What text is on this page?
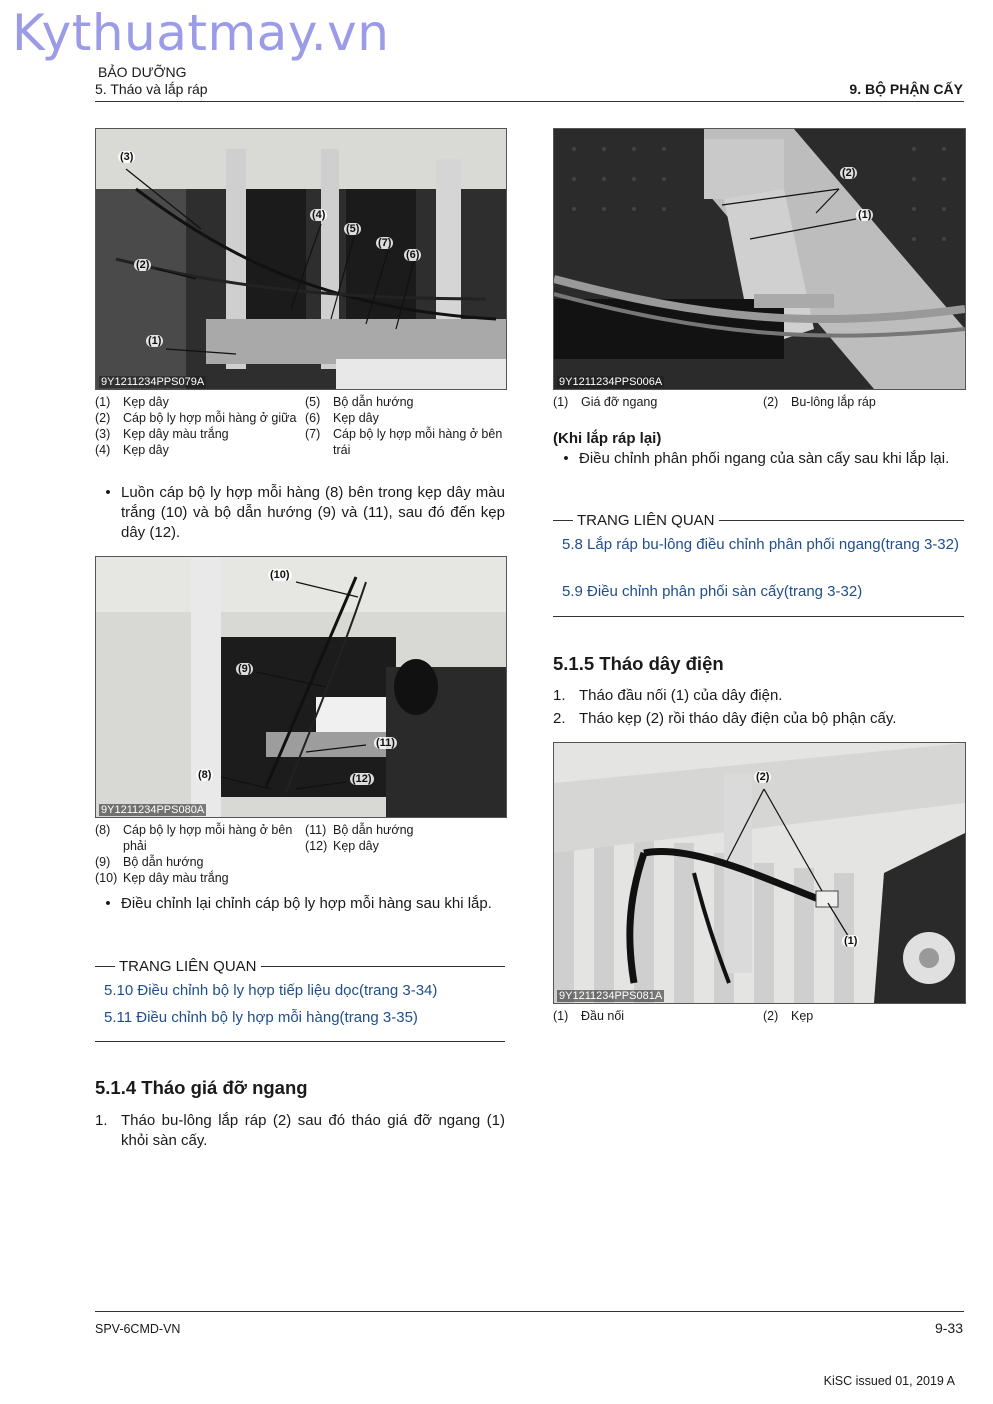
Kythuatmay.vn
BẢO DƯỠNG
5. Tháo và lắp ráp	9. BỘ PHẬN CẤY
(3)
(2)
(1)
(4)
(5)
(7)
(6)
9Y1211234PPS079A
(1)	Kẹp dây
(2)	Cáp bộ ly hợp mỗi hàng ở giữa
(3)	Kẹp dây màu trắng
(4)	Kẹp dây
(5)	Bộ dẫn hướng
(6)	Kẹp dây
(7)	Cáp bộ ly hợp mỗi hàng ở bên trái
• Luồn cáp bộ ly hợp mỗi hàng (8) bên trong kẹp dây màu trắng (10) và bộ dẫn hướng (9) và (11), sau đó đến kẹp dây (12).
(10)
(9)
(11)
(12)
(8)
9Y1211234PPS080A
(8)	Cáp bộ ly hợp mỗi hàng ở bên phải
(9)	Bộ dẫn hướng
(10) Kẹp dây màu trắng
(11) Bộ dẫn hướng
(12) Kẹp dây
• Điều chỉnh lại chỉnh cáp bộ ly hợp mỗi hàng sau khi lắp.
TRANG LIÊN QUAN
5.10 Điều chỉnh bộ ly hợp tiếp liệu dọc(trang 3-34)
5.11 Điều chỉnh bộ ly hợp mỗi hàng(trang 3-35)
5.1.4 Tháo giá đỡ ngang
1. Tháo bu-lông lắp ráp (2) sau đó tháo giá đỡ ngang (1) khỏi sàn cấy.
(2)
(1)
9Y1211234PPS006A
(1)	Giá đỡ ngang	(2)	Bu-lông lắp ráp
(Khi lắp ráp lại)
• Điều chỉnh phân phối ngang của sàn cấy sau khi lắp lại.
TRANG LIÊN QUAN
5.8 Lắp ráp bu-lông điều chỉnh phân phối ngang(trang 3-32)
5.9 Điều chỉnh phân phối sàn cấy(trang 3-32)
5.1.5 Tháo dây điện
1. Tháo đầu nối (1) của dây điện.
2. Tháo kẹp (2) rồi tháo dây điện của bộ phận cấy.
(2)
(1)
9Y1211234PPS081A
(1)	Đầu nối	(2)	Kẹp
SPV-6CMD-VN	9-33
KiSC issued 01, 2019 A
